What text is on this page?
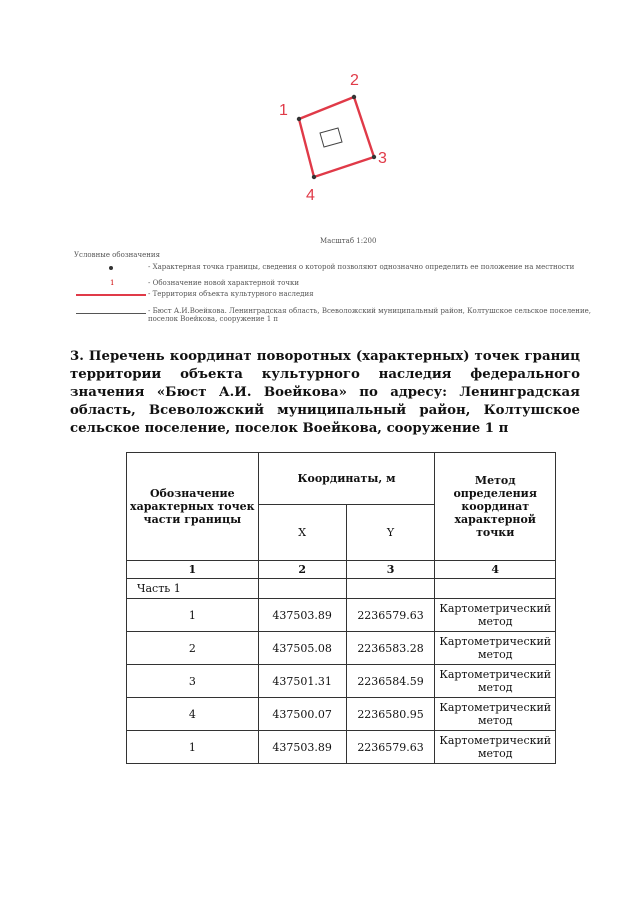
1
2
3
4
Масштаб 1:200
Условные обозначения
- Характерная точка границы, сведения о которой позволяют однозначно определить ее положение на местности
1	- Обозначение новой характерной точки
- Территория объекта культурного наследия
- Бюст А.И.Воейкова. Ленинградская область, Всеволожский муниципальный район, Колтушское сельское поселение, поселок Воейкова, сооружение 1 п
3. Перечень координат поворотных (характерных) точек границ территории объекта культурного наследия федерального значения «Бюст А.И. Воейкова» по адресу: Ленинградская область, Всеволожский муниципальный район, Колтушское сельское поселение, поселок Воейкова, сооружение 1 п
Обозначение характерных точек части границы	Координаты, м		Метод определения координат характерной точки
	X	Y	
1	2	3	4
Часть 1			
1	437503.89	2236579.63	Картометрический метод
2	437505.08	2236583.28	Картометрический метод
3	437501.31	2236584.59	Картометрический метод
4	437500.07	2236580.95	Картометрический метод
1	437503.89	2236579.63	Картометрический метод
